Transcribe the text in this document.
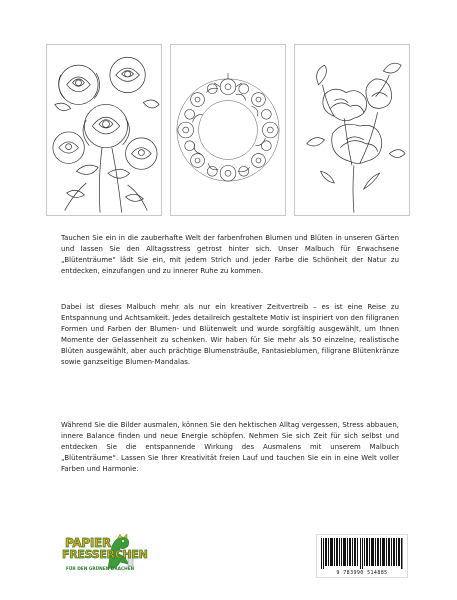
Tauchen Sie ein in die zauberhafte Welt der farbenfrohen Blumen und Blüten in unseren Gärten und lassen Sie den Alltagsstress getrost hinter sich. Unser Malbuch für Erwachsene „Blütenträume“ lädt Sie ein, mit jedem Strich und jeder Farbe die Schönheit der Natur zu entdecken, einzufangen und zu innerer Ruhe zu kommen.

Dabei ist dieses Malbuch mehr als nur ein kreativer Zeitvertreib – es ist eine Reise zu Entspannung und Achtsamkeit. Jedes detailreich gestaltete Motiv ist inspiriert von den filigranen Formen und Farben der Blumen- und Blütenwelt und wurde sorgfältig ausgewählt, um Ihnen Momente der Gelassenheit zu schenken. Wir haben für Sie mehr als 50 einzelne, realistische Blüten ausgewählt, aber auch prächtige Blumensträuße, Fantasieblumen, filigrane Blütenkränze sowie ganzseitige Blumen-Mandalas.

Während Sie die Bilder ausmalen, können Sie den hektischen Alltag vergessen, Stress abbauen, innere Balance finden und neue Energie schöpfen. Nehmen Sie sich Zeit für sich selbst und entdecken Sie die entspannende Wirkung des Ausmalens mit unserem Malbuch „Blütenträume“. Lassen Sie Ihrer Kreativität freien Lauf und tauchen Sie ein in eine Welt voller Farben und Harmonie.

PAPIER
FRESSERCHEN
FÜR DEN GRÜNEN DRACHEN
9 783990 514885
